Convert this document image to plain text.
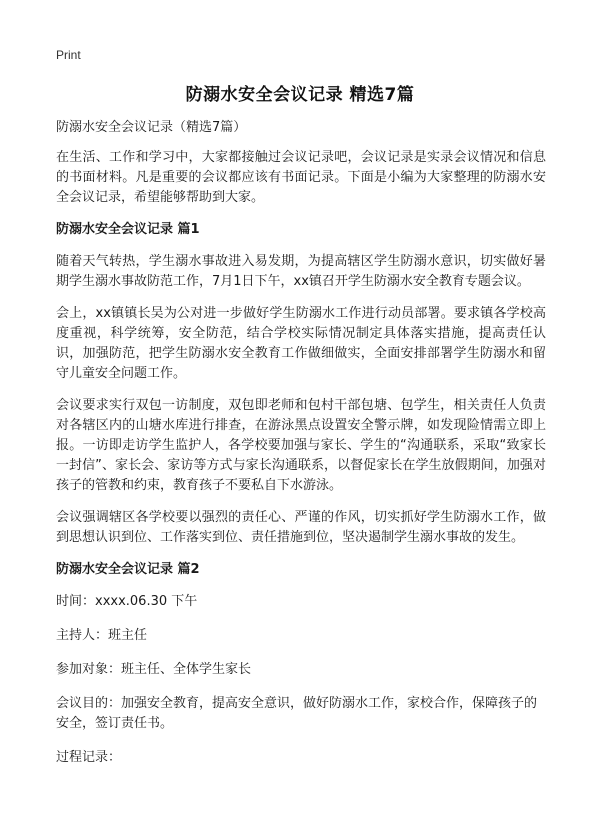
Print
防溺水安全会议记录 精选7篇
防溺水安全会议记录（精选7篇）
在生活、工作和学习中，大家都接触过会议记录吧，会议记录是实录会议情况和信息的书面材料。凡是重要的会议都应该有书面记录。下面是小编为大家整理的防溺水安全会议记录，希望能够帮助到大家。
防溺水安全会议记录 篇1
随着天气转热，学生溺水事故进入易发期，为提高辖区学生防溺水意识，切实做好暑期学生溺水事故防范工作，7月1日下午，xx镇召开学生防溺水安全教育专题会议。
会上，xx镇镇长吴为公对进一步做好学生防溺水工作进行动员部署。要求镇各学校高度重视，科学统筹，安全防范，结合学校实际情况制定具体落实措施，提高责任认识，加强防范，把学生防溺水安全教育工作做细做实，全面安排部署学生防溺水和留守儿童安全问题工作。
会议要求实行双包一访制度，双包即老师和包村干部包塘、包学生，相关责任人负责对各辖区内的山塘水库进行排查，在游泳黑点设置安全警示牌，如发现险情需立即上报。一访即走访学生监护人，各学校要加强与家长、学生的“沟通联系，采取“致家长一封信”、家长会、家访等方式与家长沟通联系，以督促家长在学生放假期间，加强对孩子的管教和约束，教育孩子不要私自下水游泳。
会议强调辖区各学校要以强烈的责任心、严谨的作风，切实抓好学生防溺水工作，做到思想认识到位、工作落实到位、责任措施到位，坚决遏制学生溺水事故的发生。
防溺水安全会议记录 篇2
时间：xxxx.06.30 下午
主持人：班主任
参加对象：班主任、全体学生家长
会议目的：加强安全教育，提高安全意识，做好防溺水工作，家校合作，保障孩子的安全，签订责任书。
过程记录：
